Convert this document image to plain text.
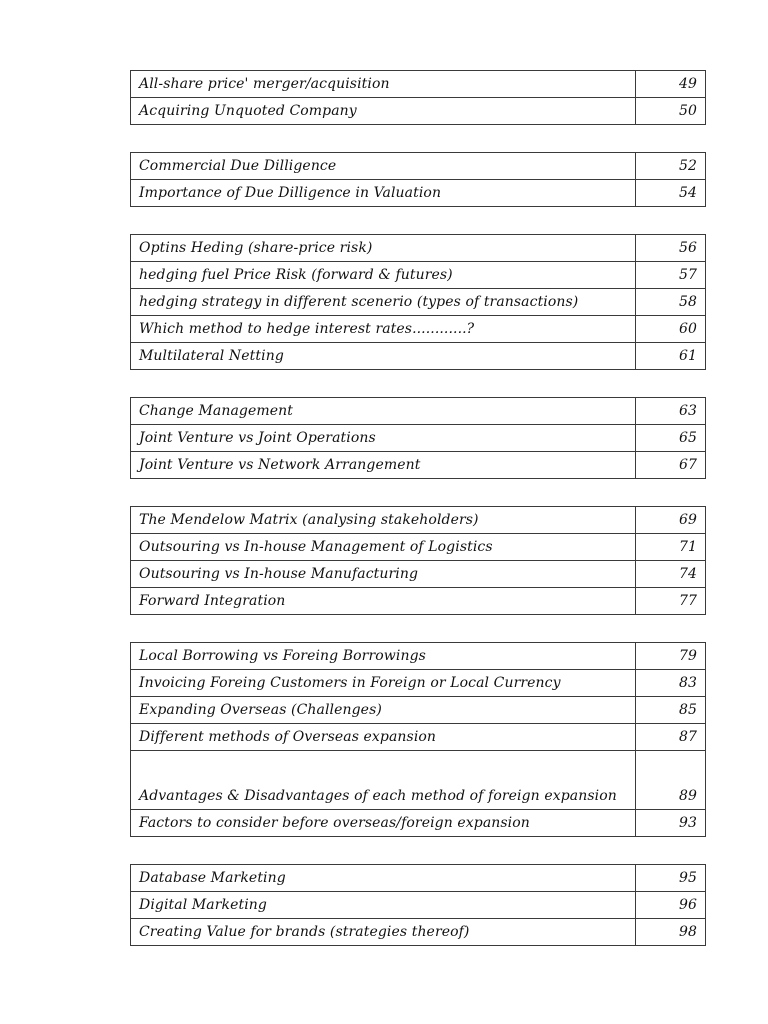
All-share price' merger/acquisition	49
Acquiring Unquoted Company	50
Commercial Due Dilligence	52
Importance of Due Dilligence in Valuation	54
Optins Heding (share-price risk)	56
hedging fuel Price Risk (forward & futures)	57
hedging strategy in different scenerio (types of transactions)	58
Which method to hedge interest rates............?	60
Multilateral Netting	61
Change Management	63
Joint Venture vs Joint Operations	65
Joint Venture vs Network Arrangement	67
The Mendelow Matrix (analysing stakeholders)	69
Outsouring vs In-house Management of Logistics	71
Outsouring vs In-house Manufacturing	74
Forward Integration	77
Local Borrowing vs Foreing Borrowings	79
Invoicing Foreing Customers in Foreign or Local Currency	83
Expanding Overseas (Challenges)	85
Different methods of Overseas expansion	87
Advantages & Disadvantages of each method of foreign expansion	89
Factors to consider before overseas/foreign expansion	93
Database Marketing	95
Digital Marketing	96
Creating Value for brands (strategies thereof)	98
